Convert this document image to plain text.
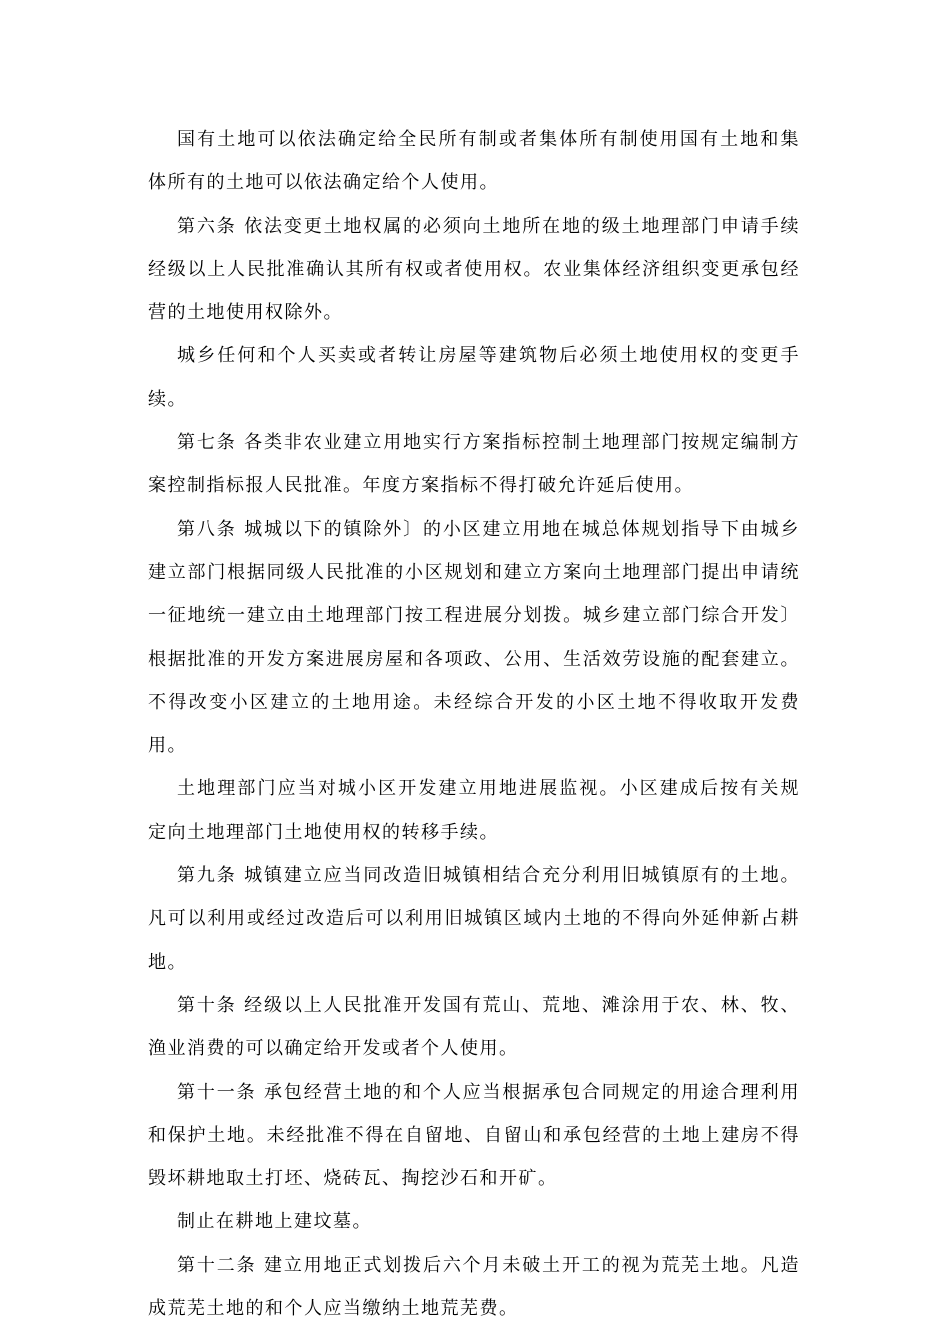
国有土地可以依法确定给全民所有制或者集体所有制使用国有土地和集体所有的土地可以依法确定给个人使用。

第六条 依法变更土地权属的必须向土地所在地的级土地理部门申请手续经级以上人民批准确认其所有权或者使用权。农业集体经济组织变更承包经营的土地使用权除外。

城乡任何和个人买卖或者转让房屋等建筑物后必须土地使用权的变更手续。

第七条 各类非农业建立用地实行方案指标控制土地理部门按规定编制方案控制指标报人民批准。年度方案指标不得打破允许延后使用。

第八条 城城以下的镇除外〕的小区建立用地在城总体规划指导下由城乡建立部门根据同级人民批准的小区规划和建立方案向土地理部门提出申请统一征地统一建立由土地理部门按工程进展分划拨。城乡建立部门综合开发〕根据批准的开发方案进展房屋和各项政、公用、生活效劳设施的配套建立。不得改变小区建立的土地用途。未经综合开发的小区土地不得收取开发费用。

土地理部门应当对城小区开发建立用地进展监视。小区建成后按有关规定向土地理部门土地使用权的转移手续。

第九条 城镇建立应当同改造旧城镇相结合充分利用旧城镇原有的土地。凡可以利用或经过改造后可以利用旧城镇区域内土地的不得向外延伸新占耕地。

第十条 经级以上人民批准开发国有荒山、荒地、滩涂用于农、林、牧、渔业消费的可以确定给开发或者个人使用。

第十一条 承包经营土地的和个人应当根据承包合同规定的用途合理利用和保护土地。未经批准不得在自留地、自留山和承包经营的土地上建房不得毁坏耕地取土打坯、烧砖瓦、掏挖沙石和开矿。

制止在耕地上建坟墓。

第十二条 建立用地正式划拨后六个月未破土开工的视为荒芜土地。凡造成荒芜土地的和个人应当缴纳土地荒芜费。
